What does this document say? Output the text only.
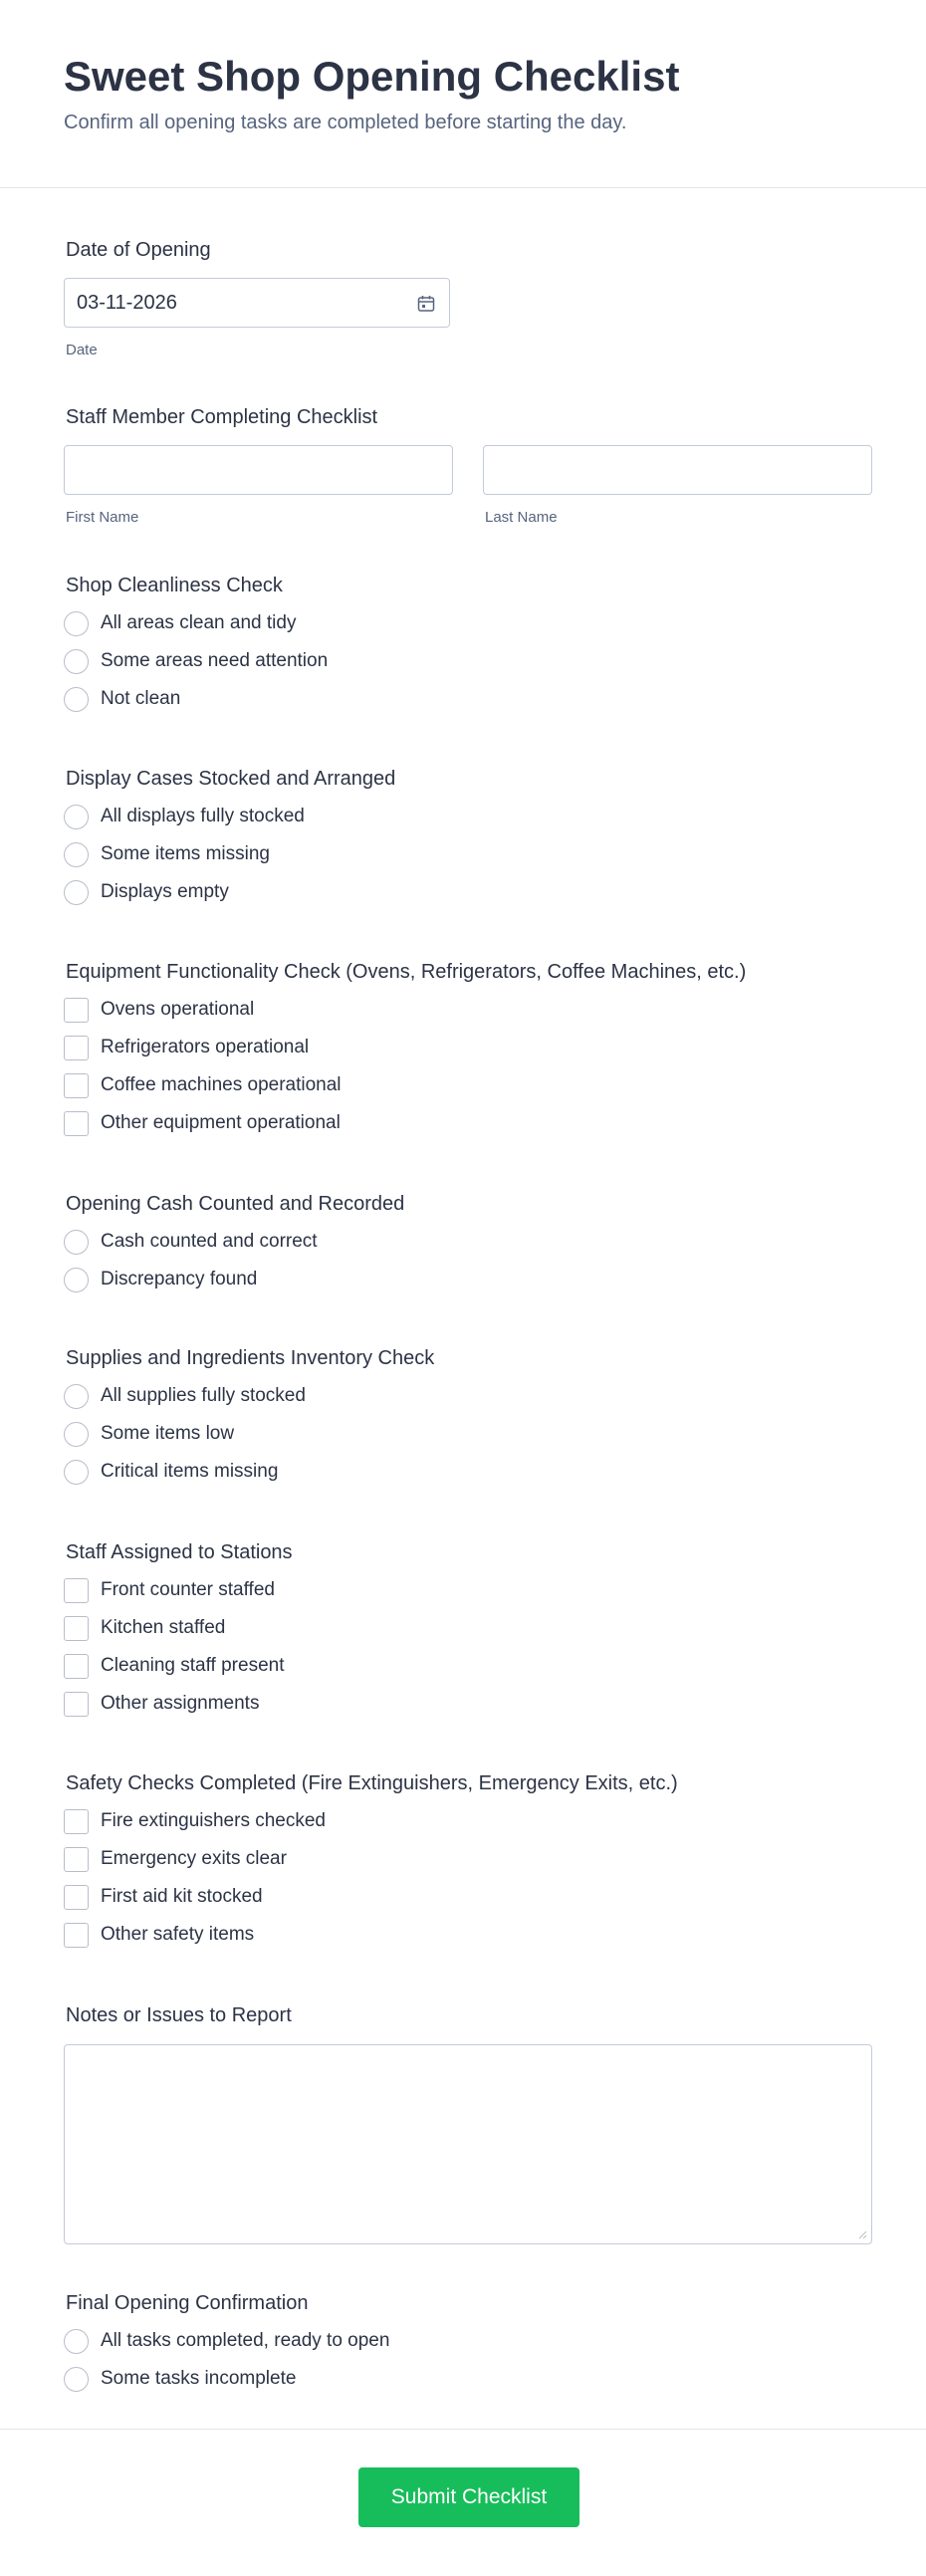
Sweet Shop Opening Checklist
Confirm all opening tasks are completed before starting the day.
Date of Opening
03-11-2026
Date
Staff Member Completing Checklist
First Name	Last Name
Shop Cleanliness Check
All areas clean and tidy
Some areas need attention
Not clean
Display Cases Stocked and Arranged
All displays fully stocked
Some items missing
Displays empty
Equipment Functionality Check (Ovens, Refrigerators, Coffee Machines, etc.)
Ovens operational
Refrigerators operational
Coffee machines operational
Other equipment operational
Opening Cash Counted and Recorded
Cash counted and correct
Discrepancy found
Supplies and Ingredients Inventory Check
All supplies fully stocked
Some items low
Critical items missing
Staff Assigned to Stations
Front counter staffed
Kitchen staffed
Cleaning staff present
Other assignments
Safety Checks Completed (Fire Extinguishers, Emergency Exits, etc.)
Fire extinguishers checked
Emergency exits clear
First aid kit stocked
Other safety items
Notes or Issues to Report
Final Opening Confirmation
All tasks completed, ready to open
Some tasks incomplete
Submit Checklist
